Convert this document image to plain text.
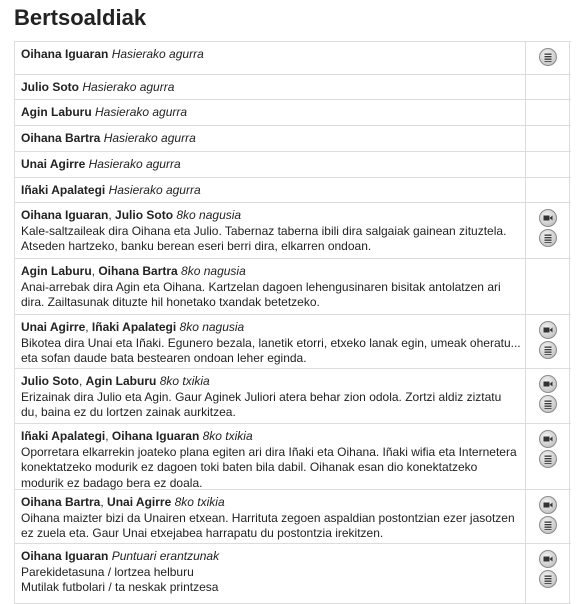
Bertsoaldiak
Oihana Iguaran Hasierako agurra
Julio Soto Hasierako agurra
Agin Laburu Hasierako agurra
Oihana Bartra Hasierako agurra
Unai Agirre Hasierako agurra
Iñaki Apalategi Hasierako agurra
Oihana Iguaran, Julio Soto 8ko nagusia
Kale-saltzaileak dira Oihana eta Julio. Tabernaz taberna ibili dira salgaiak gainean zituztela.
Atseden hartzeko, banku berean eseri berri dira, elkarren ondoan.
Agin Laburu, Oihana Bartra 8ko nagusia
Anai-arrebak dira Agin eta Oihana. Kartzelan dagoen lehengusinaren bisitak antolatzen ari
dira. Zailtasunak dituzte hil honetako txandak betetzeko.
Unai Agirre, Iñaki Apalategi 8ko nagusia
Bikotea dira Unai eta Iñaki. Egunero bezala, lanetik etorri, etxeko lanak egin, umeak oheratu...
eta sofan daude bata bestearen ondoan leher eginda.
Julio Soto, Agin Laburu 8ko txikia
Erizainak dira Julio eta Agin. Gaur Aginek Juliori atera behar zion odola. Zortzi aldiz ziztatu
du, baina ez du lortzen zainak aurkitzea.
Iñaki Apalategi, Oihana Iguaran 8ko txikia
Oporretara elkarrekin joateko plana egiten ari dira Iñaki eta Oihana. Iñaki wifia eta Internetera
konektatzeko modurik ez dagoen toki baten bila dabil. Oihanak esan dio konektatzeko
modurik ez badago bera ez doala.
Oihana Bartra, Unai Agirre 8ko txikia
Oihana maizter bizi da Unairen etxean. Harrituta zegoen aspaldian postontzian ezer jasotzen
ez zuela eta. Gaur Unai etxejabea harrapatu du postontzia irekitzen.
Oihana Iguaran Puntuari erantzunak
Parekidetasuna / lortzea helburu
Mutilak futbolari / ta neskak printzesa
